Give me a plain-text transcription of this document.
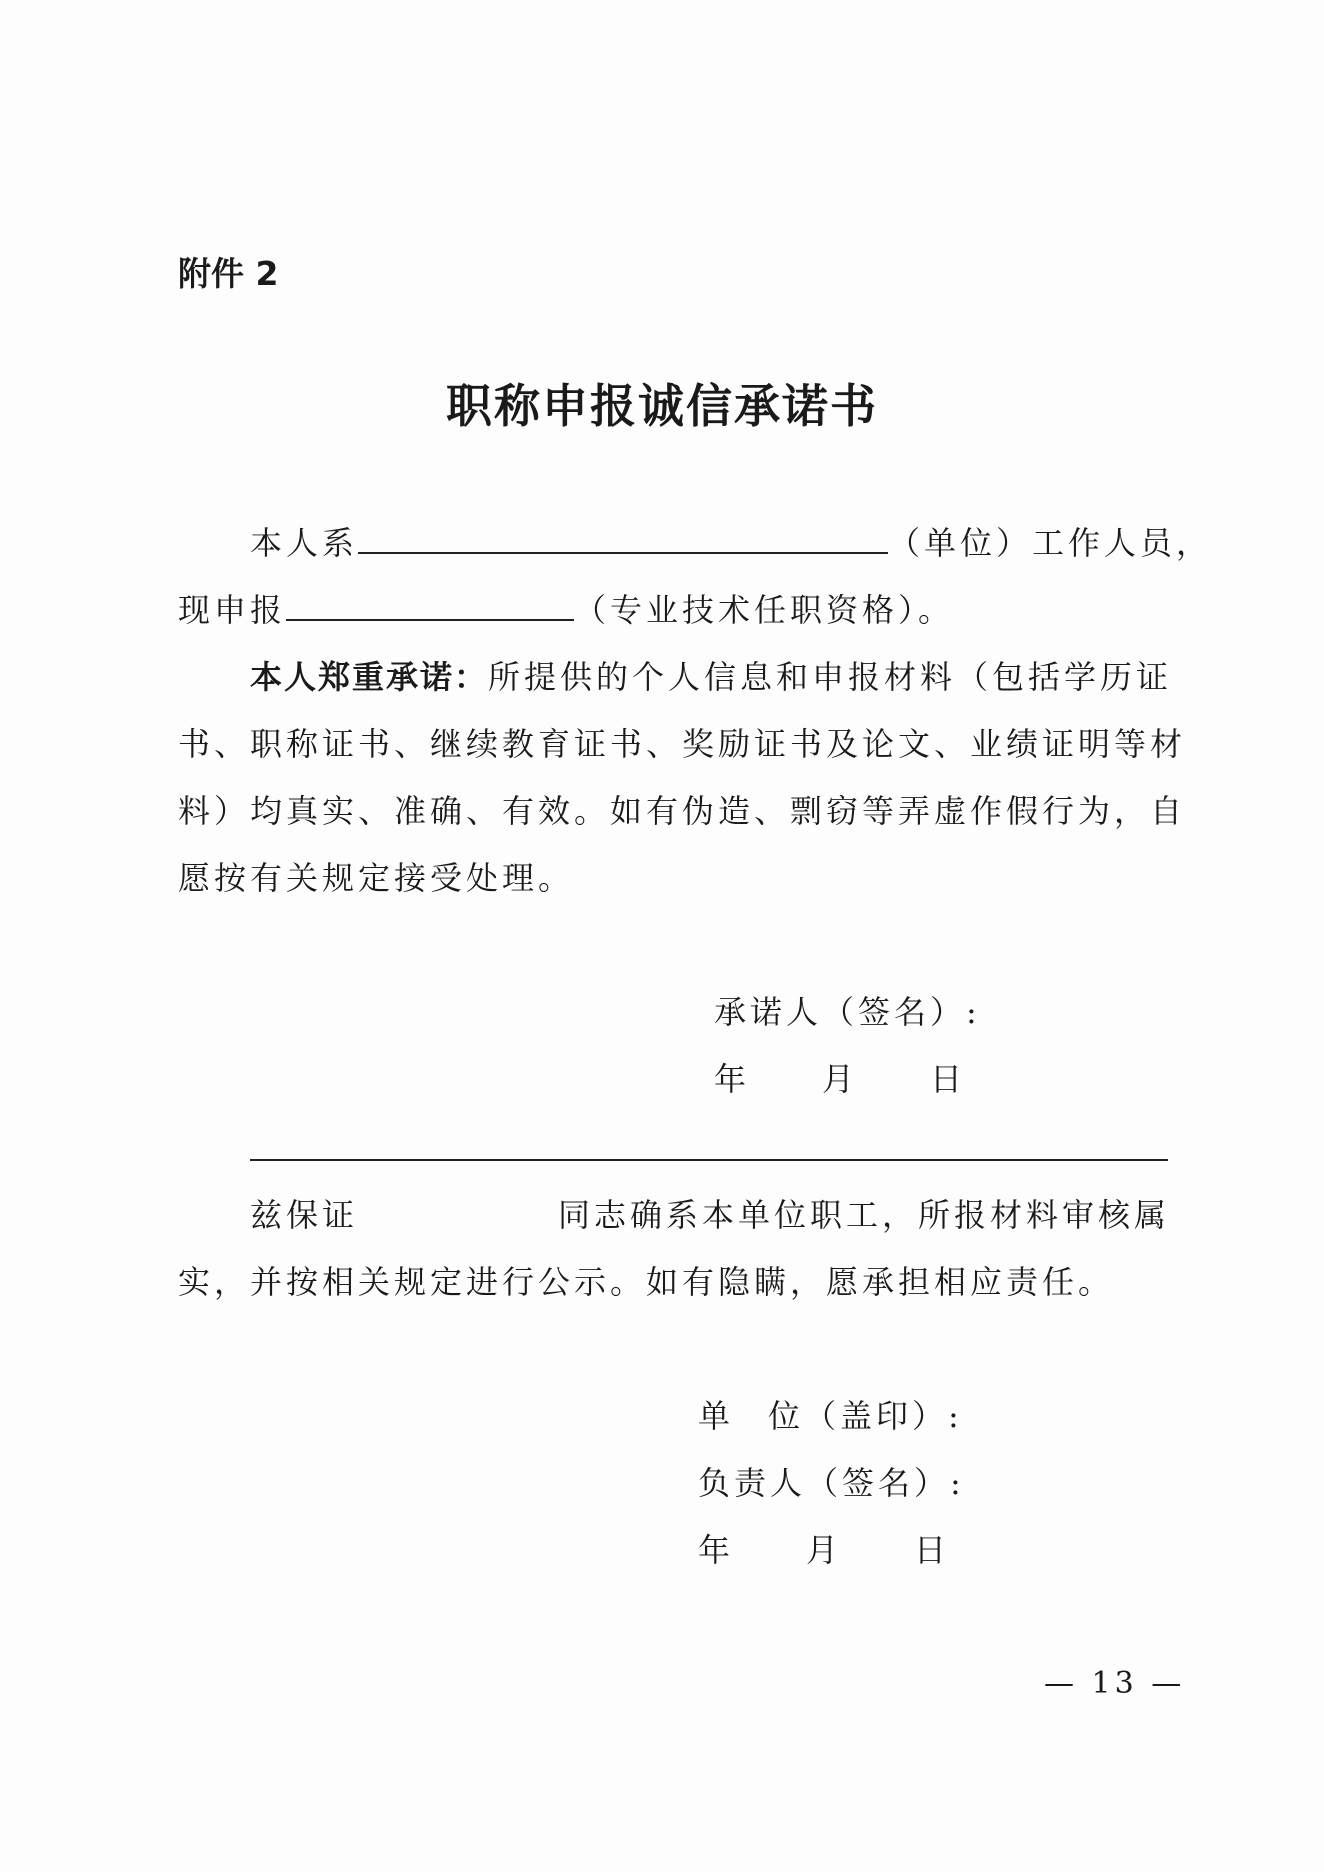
附件 2
职称申报诚信承诺书
本人系	（单位）工作人员，
现申报	（专业技术任职资格）。
本人郑重承诺：所提供的个人信息和申报材料（包括学历证
书、职称证书、继续教育证书、奖励证书及论文、业绩证明等材
料）均真实、准确、有效。如有伪造、剽窃等弄虚作假行为，自
愿按有关规定接受处理。
承诺人（签名）:
年 月 日
兹保证	同志确系本单位职工，所报材料审核属
实，并按相关规定进行公示。如有隐瞒，愿承担相应责任。
单 位（盖印）:
负责人（签名）:
年 月 日
— 13 —
